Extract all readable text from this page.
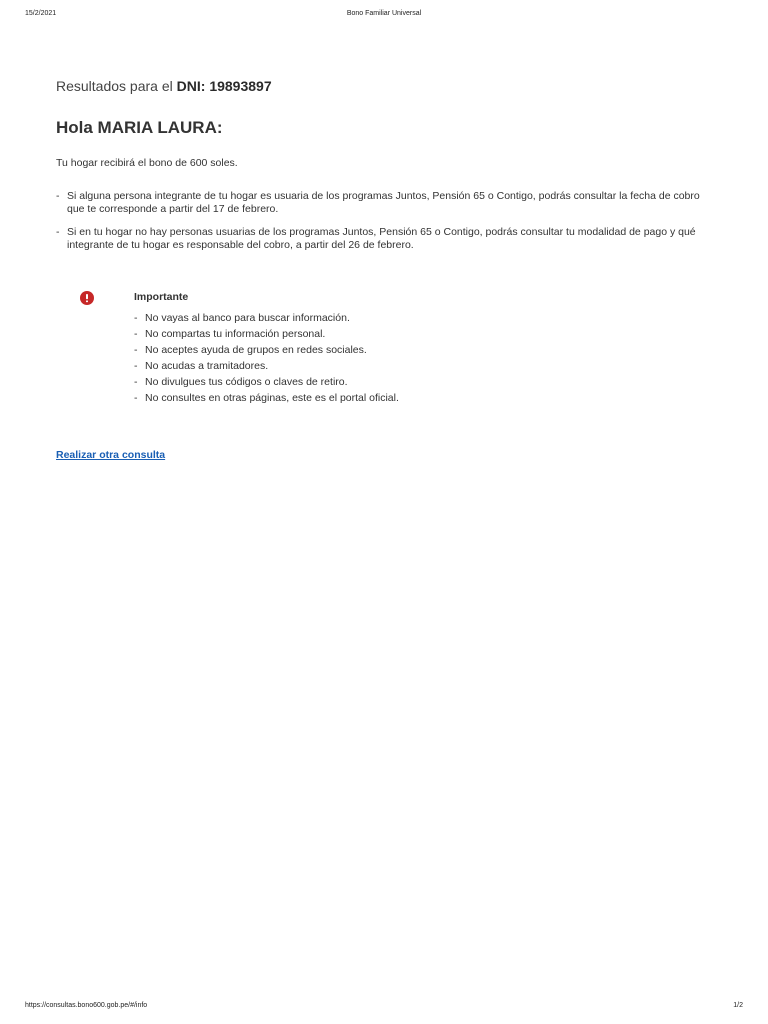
15/2/2021	Bono Familiar Universal

Resultados para el DNI: 19893897

Hola MARIA LAURA:
Tu hogar recibirá el bono de 600 soles.
- Si alguna persona integrante de tu hogar es usuaria de los programas Juntos, Pensión 65 o Contigo, podrás consultar la fecha de cobro que te corresponde a partir del 17 de febrero.
- Si en tu hogar no hay personas usuarias de los programas Juntos, Pensión 65 o Contigo, podrás consultar tu modalidad de pago y qué integrante de tu hogar es responsable del cobro, a partir del 26 de febrero.
Importante
- No vayas al banco para buscar información.
- No compartas tu información personal.
- No aceptes ayuda de grupos en redes sociales.
- No acudas a tramitadores.
- No divulgues tus códigos o claves de retiro.
- No consultes en otras páginas, este es el portal oficial.
Realizar otra consulta
https://consultas.bono600.gob.pe/#/info	1/2
